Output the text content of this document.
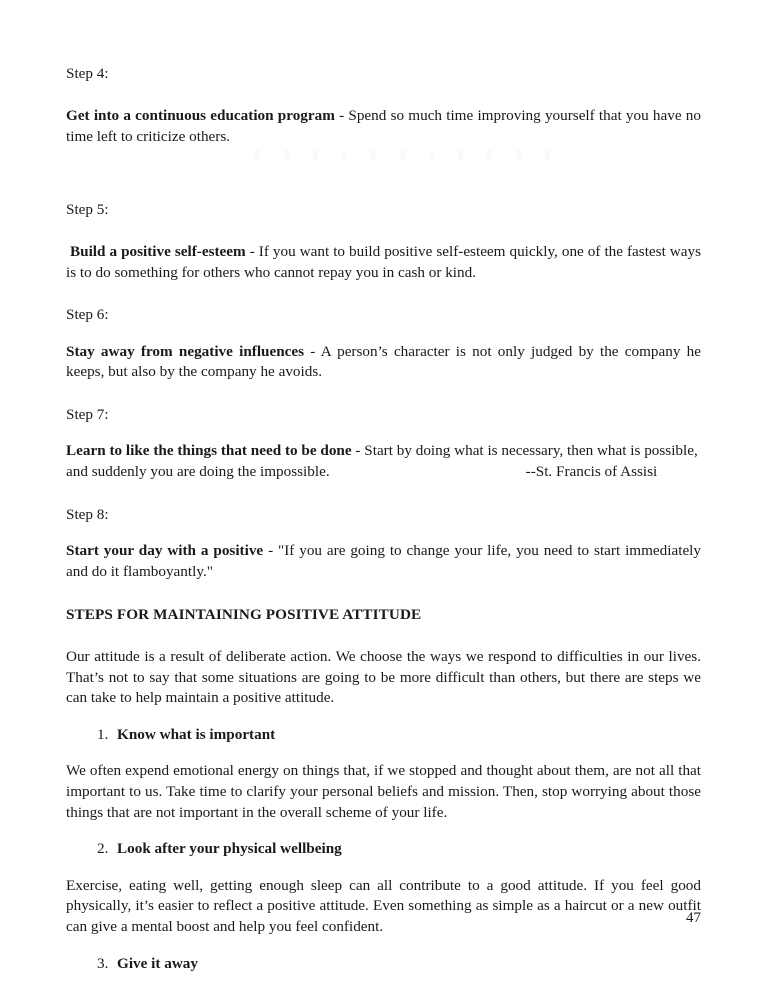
Step 4:

Get into a continuous education program - Spend so much time improving yourself that you have no time left to criticize others.

Step 5:

Build a positive self-esteem - If you want to build positive self-esteem quickly, one of the fastest ways is to do something for others who cannot repay you in cash or kind.

Step 6:

Stay away from negative influences - A person’s character is not only judged by the company he keeps, but also by the company he avoids.

Step 7:

Learn to like the things that need to be done - Start by doing what is necessary, then what is possible, and suddenly you are doing the impossible.	--St. Francis of Assisi

Step 8:

Start your day with a positive - "If you are going to change your life, you need to start immediately and do it flamboyantly."

STEPS FOR MAINTAINING POSITIVE ATTITUDE

Our attitude is a result of deliberate action. We choose the ways we respond to difficulties in our lives. That’s not to say that some situations are going to be more difficult than others, but there are steps we can take to help maintain a positive attitude.

1. Know what is important

We often expend emotional energy on things that, if we stopped and thought about them, are not all that important to us. Take time to clarify your personal beliefs and mission. Then, stop worrying about those things that are not important in the overall scheme of your life.

2. Look after your physical wellbeing

Exercise, eating well, getting enough sleep can all contribute to a good attitude. If you feel good physically, it’s easier to reflect a positive attitude. Even something as simple as a haircut or a new outfit can give a mental boost and help you feel confident.

3. Give it away

47
